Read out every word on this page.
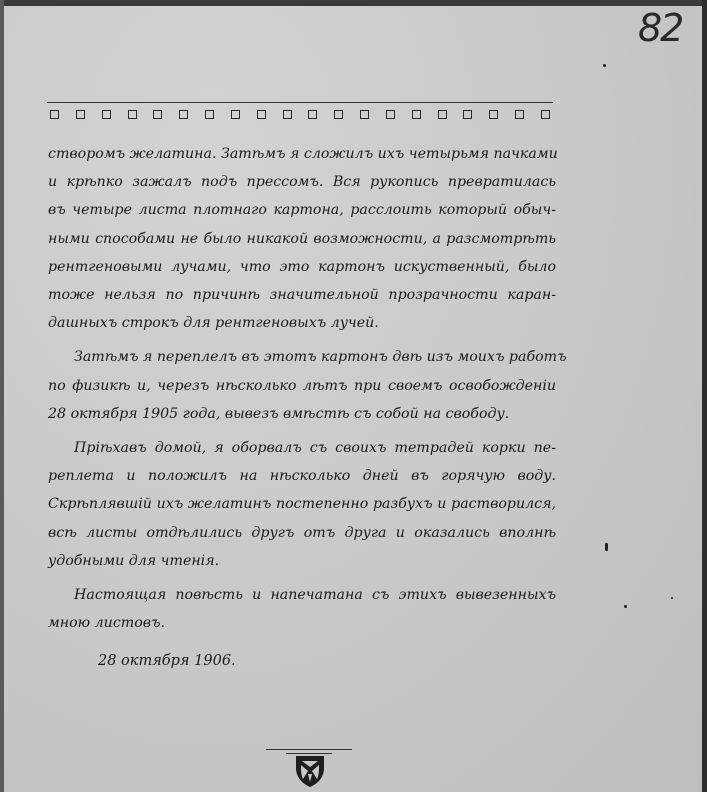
82
створомъ желатина. Затѣмъ я сложилъ ихъ четырьмя пачками
и крѣпко зажалъ подъ прессомъ. Вся рукопись превратилась
въ четыре листа плотнаго картона, расслоить который обыч-
ными способами не было никакой возможности, а разсмотрѣть
рентгеновыми лучами, что это картонъ искуственный, было
тоже нельзя по причинѣ значительной прозрачности каран-
дашныхъ строкъ для рентгеновыхъ лучей.
Затѣмъ я переплелъ въ этотъ картонъ двѣ изъ моихъ работъ
по физикѣ и, черезъ нѣсколько лѣтъ при своемъ освобожденiи
28 октября 1905 года, вывезъ вмѣстѣ съ собой на свободу.
Прiѣхавъ домой, я оборвалъ съ своихъ тетрадей корки пе-
реплета и положилъ на нѣсколько дней въ горячую воду.
Скрѣплявшiй ихъ желатинъ постепенно разбухъ и растворился,
всѣ листы отдѣлились другъ отъ друга и оказались вполнѣ
удобными для чтенiя.
Настоящая повѣсть и напечатана съ этихъ вывезенныхъ
мною листовъ.
28 октября 1906.
